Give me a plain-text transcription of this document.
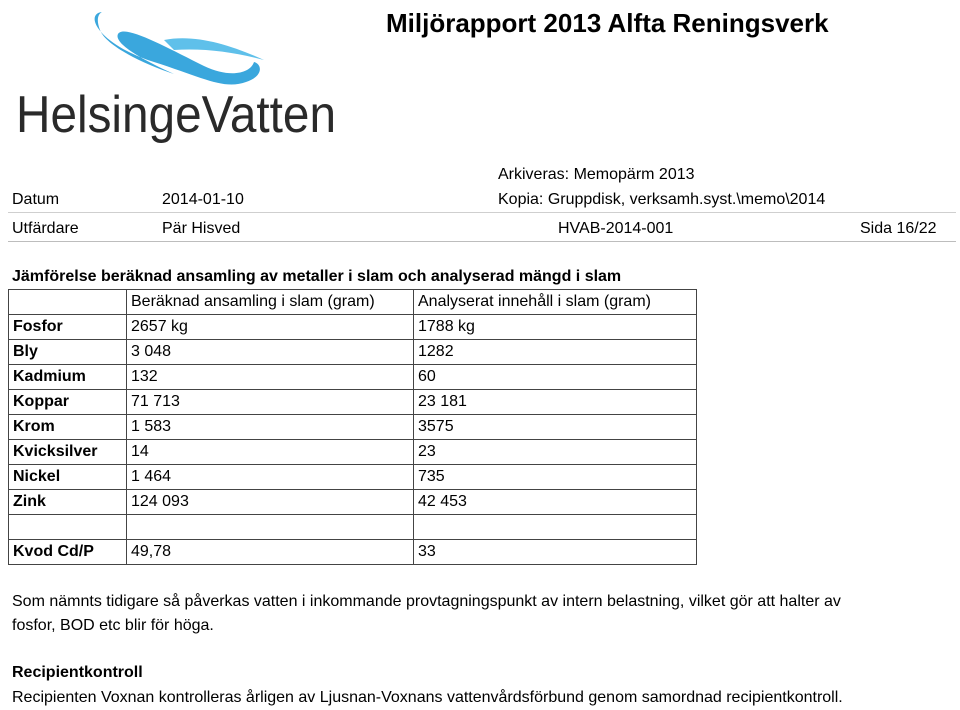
HelsingeVatten
Miljörapport 2013 Alfta Reningsverk
Arkiveras: Memopärm 2013
Datum	2014-01-10	Kopia: Gruppdisk, verksamh.syst.\memo\2014
Utfärdare	Pär Hisved	HVAB-2014-001	Sida 16/22
Jämförelse beräknad ansamling av metaller i slam och analyserad mängd i slam
	Beräknad ansamling i slam (gram)	Analyserat innehåll i slam (gram)
Fosfor	2657 kg	1788 kg
Bly	3 048	1282
Kadmium	132	60
Koppar	71 713	23 181
Krom	1 583	3575
Kvicksilver	14	23
Nickel	1 464	735
Zink	124 093	42 453

Kvod Cd/P	49,78	33
Som nämnts tidigare så påverkas vatten i inkommande provtagningspunkt av intern belastning, vilket gör att halter av
fosfor, BOD etc blir för höga.
Recipientkontroll
Recipienten Voxnan kontrolleras årligen av Ljusnan-Voxnans vattenvårdsförbund genom samordnad recipientkontroll.
